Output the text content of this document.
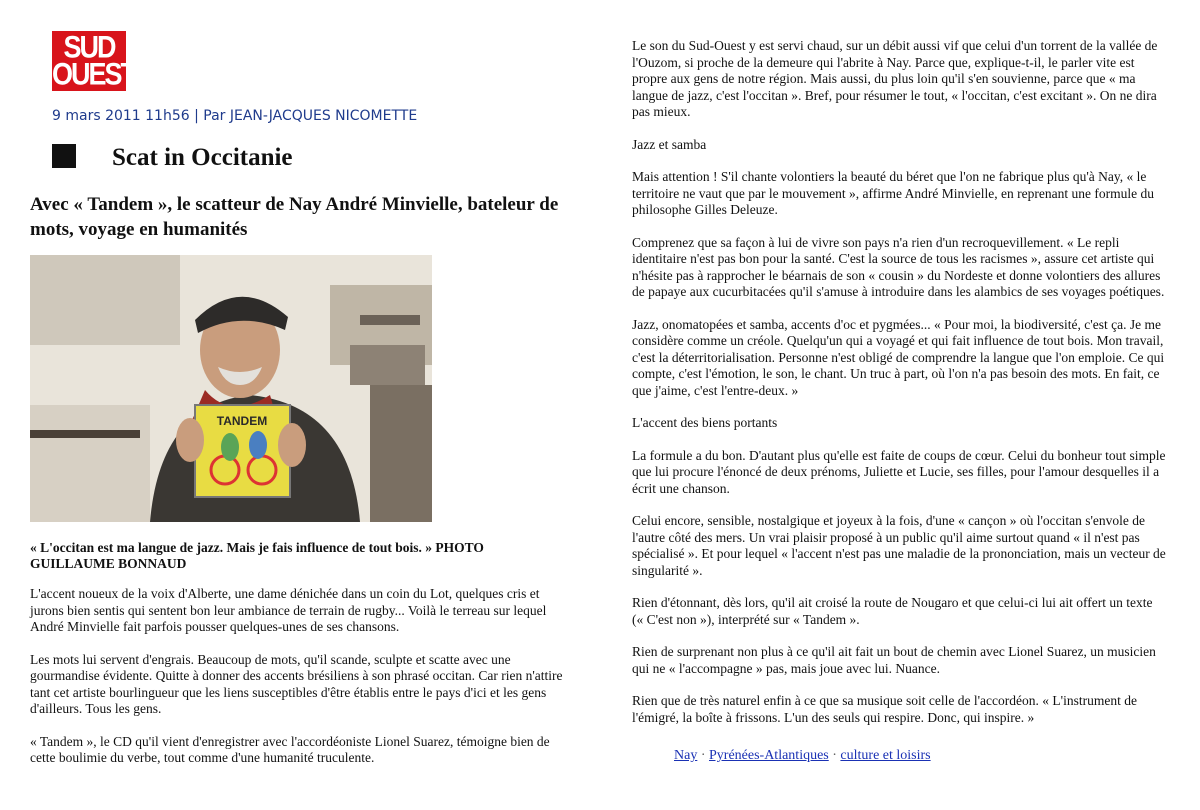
SUD
OUEST
9 mars 2011 11h56 | Par JEAN-JACQUES NICOMETTE
Scat in Occitanie
Avec « Tandem », le scatteur de Nay André Minvielle, bateleur de mots, voyage en humanités
TANDEM

« L'occitan est ma langue de jazz. Mais je fais influence de tout bois. » PHOTO GUILLAUME BONNAUD

L'accent noueux de la voix d'Alberte, une dame dénichée dans un coin du Lot, quelques cris et jurons bien sentis qui sentent bon leur ambiance de terrain de rugby... Voilà le terreau sur lequel André Minvielle fait parfois pousser quelques-unes de ses chansons.

Les mots lui servent d'engrais. Beaucoup de mots, qu'il scande, sculpte et scatte avec une gourmandise évidente. Quitte à donner des accents brésiliens à son phrasé occitan. Car rien n'attire tant cet artiste bourlingueur que les liens susceptibles d'être établis entre le pays d'ici et les gens d'ailleurs. Tous les gens.

« Tandem », le CD qu'il vient d'enregistrer avec l'accordéoniste Lionel Suarez, témoigne bien de cette boulimie du verbe, tout comme d'une humanité truculente.

Le son du Sud-Ouest y est servi chaud, sur un débit aussi vif que celui d'un torrent de la vallée de l'Ouzom, si proche de la demeure qui l'abrite à Nay. Parce que, explique-t-il, le parler vite est propre aux gens de notre région. Mais aussi, du plus loin qu'il s'en souvienne, parce que « ma langue de jazz, c'est l'occitan ». Bref, pour résumer le tout, « l'occitan, c'est excitant ». On ne dira pas mieux.

Jazz et samba

Mais attention ! S'il chante volontiers la beauté du béret que l'on ne fabrique plus qu'à Nay, « le territoire ne vaut que par le mouvement », affirme André Minvielle, en reprenant une formule du philosophe Gilles Deleuze.

Comprenez que sa façon à lui de vivre son pays n'a rien d'un recroquevillement. « Le repli identitaire n'est pas bon pour la santé. C'est la source de tous les racismes », assure cet artiste qui n'hésite pas à rapprocher le béarnais de son « cousin » du Nordeste et donne volontiers des allures de papaye aux cucurbitacées qu'il s'amuse à introduire dans les alambics de ses voyages poétiques.

Jazz, onomatopées et samba, accents d'oc et pygmées... « Pour moi, la biodiversité, c'est ça. Je me considère comme un créole. Quelqu'un qui a voyagé et qui fait influence de tout bois. Mon travail, c'est la déterritorialisation. Personne n'est obligé de comprendre la langue que l'on emploie. Ce qui compte, c'est l'émotion, le son, le chant. Un truc à part, où l'on n'a pas besoin des mots. En fait, ce que j'aime, c'est l'entre-deux. »

L'accent des biens portants

La formule a du bon. D'autant plus qu'elle est faite de coups de cœur. Celui du bonheur tout simple que lui procure l'énoncé de deux prénoms, Juliette et Lucie, ses filles, pour l'amour desquelles il a écrit une chanson.

Celui encore, sensible, nostalgique et joyeux à la fois, d'une « cançon » où l'occitan s'envole de l'autre côté des mers. Un vrai plaisir proposé à un public qu'il aime surtout quand « il n'est pas spécialisé ». Et pour lequel « l'accent n'est pas une maladie de la prononciation, mais un vecteur de singularité ».

Rien d'étonnant, dès lors, qu'il ait croisé la route de Nougaro et que celui-ci lui ait offert un texte (« C'est non »), interprété sur « Tandem ».

Rien de surprenant non plus à ce qu'il ait fait un bout de chemin avec Lionel Suarez, un musicien qui ne « l'accompagne » pas, mais joue avec lui. Nuance.

Rien que de très naturel enfin à ce que sa musique soit celle de l'accordéon. « L'instrument de l'émigré, la boîte à frissons. L'un des seuls qui respire. Donc, qui inspire. »

Nay · Pyrénées-Atlantiques · culture et loisirs
